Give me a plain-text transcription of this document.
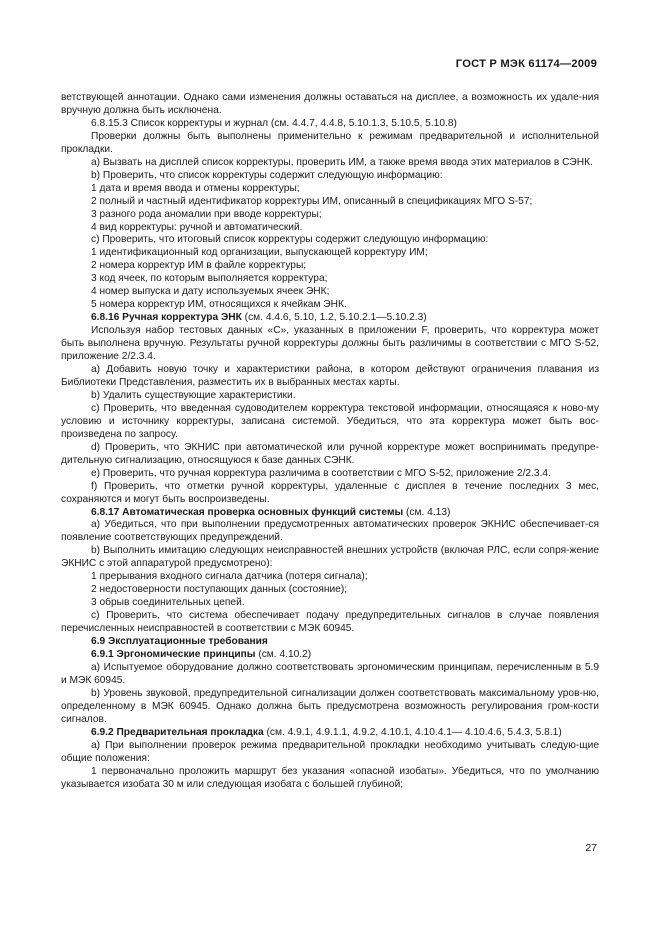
ГОСТ Р МЭК 61174—2009

ветствующей аннотации. Однако сами изменения должны оставаться на дисплее, а возможность их удале-ния вручную должна быть исключена.

6.8.15.3 Список корректуры и журнал (см. 4.4.7, 4.4.8, 5.10.1.3, 5.10.5, 5.10.8)

Проверки должны быть выполнены применительно к режимам предварительной и исполнительной прокладки.

а) Вызвать на дисплей список корректуры, проверить ИМ, а также время ввода этих материалов в СЭНК.

b) Проверить, что список корректуры содержит следующую информацию:

1 дата и время ввода и отмены корректуры;

2 полный и частный идентификатор корректуры ИМ, описанный в спецификациях МГО S-57;

3 разного рода аномалии при вводе корректуры;

4 вид корректуры: ручной и автоматический.

с) Проверить, что итоговый список корректуры содержит следующую информацию:

1 идентификационный код организации, выпускающей корректуру ИМ;

2 номера корректур ИМ в файле корректуры;

3 код ячеек, по которым выполняется корректура;

4 номер выпуска и дату используемых ячеек ЭНК;

5 номера корректур ИМ, относящихся к ячейкам ЭНК.

6.8.16 Ручная корректура ЭНК (см. 4.4.6, 5.10, 1.2, 5.10.2.1—5.10.2.3)

Используя набор тестовых данных «С», указанных в приложении F, проверить, что корректура может быть выполнена вручную. Результаты ручной корректуры должны быть различимы в соответствии с МГО S-52, приложение 2/2.3.4.

а) Добавить новую точку и характеристики района, в котором действуют ограничения плавания из Библиотеки Представления, разместить их в выбранных местах карты.

b) Удалить существующие характеристики.

с) Проверить, что введенная судоводителем корректура текстовой информации, относящаяся к ново-му условию и источнику корректуры, записана системой. Убедиться, что эта корректура может быть вос-произведена по запросу.

d) Проверить, что ЭКНИС при автоматической или ручной корректуре может воспринимать предупре-дительную сигнализацию, относящуюся к базе данных СЭНК.

е) Проверить, что ручная корректура различима в соответствии с МГО S-52, приложение 2/2.3.4.

f) Проверить, что отметки ручной корректуры, удаленные с дисплея в течение последних 3 мес, сохраняются и могут быть воспроизведены.

6.8.17 Автоматическая проверка основных функций системы (см. 4.13)

а) Убедиться, что при выполнении предусмотренных автоматических проверок ЭКНИС обеспечивает-ся появление соответствующих предупреждений.

b) Выполнить имитацию следующих неисправностей внешних устройств (включая РЛС, если сопря-жение ЭКНИС с этой аппаратурой предусмотрено):

1 прерывания входного сигнала датчика (потеря сигнала);

2 недостоверности поступающих данных (состояние);

3 обрыв соединительных цепей.

с) Проверить, что система обеспечивает подачу предупредительных сигналов в случае появления перечисленных неисправностей в соответствии с МЭК 60945.

6.9 Эксплуатационные требования

6.9.1 Эргономические принципы (см. 4.10.2)

а) Испытуемое оборудование должно соответствовать эргономическим принципам, перечисленным в 5.9 и МЭК 60945.

b) Уровень звуковой, предупредительной сигнализации должен соответствовать максимальному уров-ню, определенному в МЭК 60945. Однако должна быть предусмотрена возможность регулирования гром-кости сигналов.

6.9.2 Предварительная прокладка (см. 4.9.1, 4.9.1.1, 4.9.2, 4.10.1, 4.10.4.1— 4.10.4.6, 5.4.3, 5.8.1)

а) При выполнении проверок режима предварительной прокладки необходимо учитывать следую-щие общие положения:

1 первоначально проложить маршрут без указания «опасной изобаты». Убедиться, что по умолчанию указывается изобата 30 м или следующая изобата с большей глубиной;

27
